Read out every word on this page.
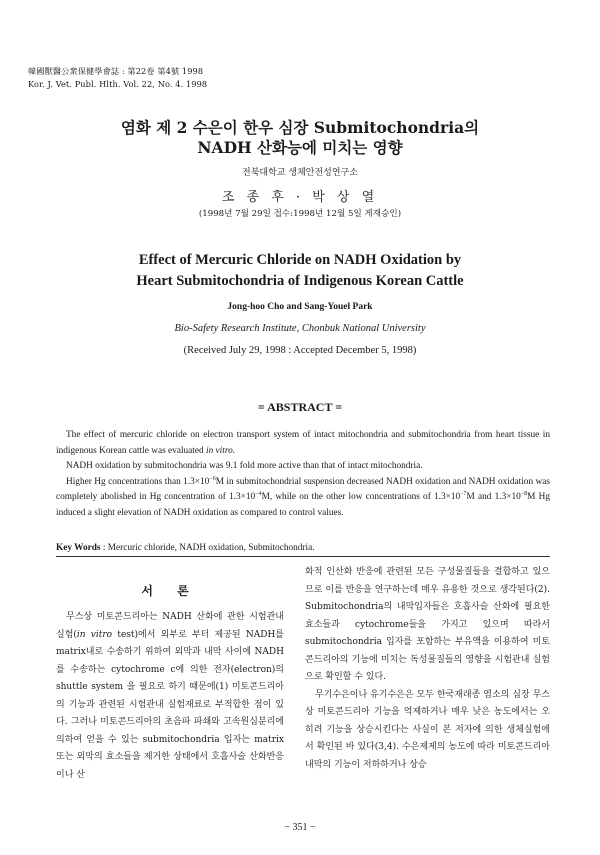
韓國獸醫公衆保健學會誌 : 第22卷 第4號 1998
Kor. J. Vet. Publ. Hlth. Vol. 22, No. 4. 1998
염화 제 2 수은이 한우 심장 Submitochondria의
NADH 산화능에 미치는 영향
전북대학교 생체안전성연구소
조 종 후 · 박 상 열
(1998년 7월 29일 접수:1998년 12월 5일 게재승인)
Effect of Mercuric Chloride on NADH Oxidation by
Heart Submitochondria of Indigenous Korean Cattle
Jong-hoo Cho and Sang-Youel Park
Bio-Safety Research Institute, Chonbuk National University
(Received July 29, 1998 : Accepted December 5, 1998)
= ABSTRACT =

The effect of mercuric chloride on electron transport system of intact mitochondria and submitochondria from heart tissue in indigenous Korean cattle was evaluated in vitro.

NADH oxidation by submitochondria was 9.1 fold more active than that of intact mitochondria.

Higher Hg concentrations than $1.3\times 10^{-6}M$ in submitochondrial suspension decreased NADH oxidation and NADH oxidation was completely abolished in Hg concentration of $1.3\times 10^{-4}M$, while on the other low concentrations of $1.3\times 10^{-7}M$ and $1.3\times 10^{-8}M$ Hg induced a slight elevation of NADH oxidation as compared to control values.

Key Words : Mercuric chloride, NADH oxidation, Submitochondria.
서 론

무스상 미토콘드리아는 NADH 산화에 관한 시험관내 실험(in vitro test)에서 외부로 부터 제공된 NADH를 matrix내로 수송하기 위하여 외막과 내막 사이에 NADH를 수송하는 cytochrome c에 의한 전자(electron)의 shuttle system 을 필요로 하기 때문에(1) 미토콘드리아의 기능과 관련된 시험관내 실험재료로 부적합한 점이 있다. 그러나 미토콘드리아의 초음파 파쇄와 고속원심분리에 의하여 얻을 수 있는 submitochondria 입자는 matrix 또는 외막의 효소들을 제거한 상태에서 호흡사슬 산화반응이나 산

화적 인산화 반응에 관련된 모든 구성물질들을 결합하고 있으므로 이를 반응을 연구하는데 매우 유용한 것으로 생각된다(2). Submitochondria의 내막입자들은 호흡사슬 산화에 필요한 효소들과 cytochrome들을 가지고 있으며 따라서 submitochondria 입자를 포함하는 부유액을 이용하여 미토콘드리아의 기능에 미치는 독성물질들의 영향을 시험관내 실험으로 확인할 수 있다.

무기수은이나 유기수은은 모두 한국재래종 염소의 심장 무스상 미토콘드리아 기능을 억제하거나 매우 낮은 농도에서는 오히려 기능을 상승시킨다는 사실이 본 저자에 의한 생체실험에서 확인된 바 있다(3,4). 수은제제의 농도에 따라 미토콘드리아 내막의 기능이 저하하거나 상승

− 351 −
